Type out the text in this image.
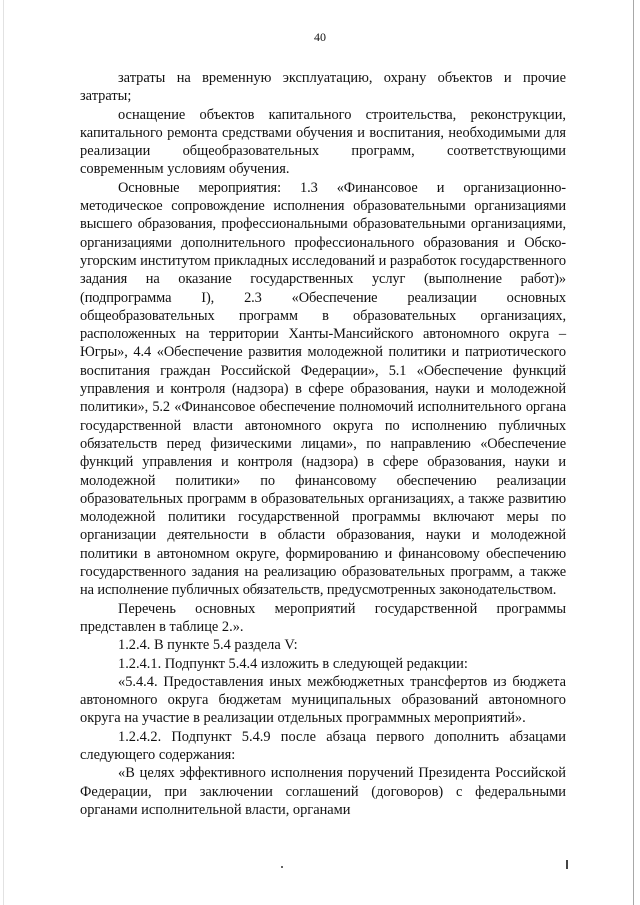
40

затраты на временную эксплуатацию, охрану объектов и прочие затраты;

оснащение объектов капитального строительства, реконструкции, капитального ремонта средствами обучения и воспитания, необходимыми для реализации общеобразовательных программ, соответствующими современным условиям обучения.

Основные мероприятия: 1.3 «Финансовое и организационно-методическое сопровождение исполнения образовательными организациями высшего образования, профессиональными образовательными организациями, организациями дополнительного профессионального образования и Обско-угорским институтом прикладных исследований и разработок государственного задания на оказание государственных услуг (выполнение работ)» (подпрограмма I), 2.3 «Обеспечение реализации основных общеобразовательных программ в образовательных организациях, расположенных на территории Ханты-Мансийского автономного округа – Югры», 4.4 «Обеспечение развития молодежной политики и патриотического воспитания граждан Российской Федерации», 5.1 «Обеспечение функций управления и контроля (надзора) в сфере образования, науки и молодежной политики», 5.2 «Финансовое обеспечение полномочий исполнительного органа государственной власти автономного округа по исполнению публичных обязательств перед физическими лицами», по направлению «Обеспечение функций управления и контроля (надзора) в сфере образования, науки и молодежной политики» по финансовому обеспечению реализации образовательных программ в образовательных организациях, а также развитию молодежной политики государственной программы включают меры по организации деятельности в области образования, науки и молодежной политики в автономном округе, формированию и финансовому обеспечению государственного задания на реализацию образовательных программ, а также на исполнение публичных обязательств, предусмотренных законодательством.

Перечень основных мероприятий государственной программы представлен в таблице 2.».

1.2.4. В пункте 5.4 раздела V:

1.2.4.1. Подпункт 5.4.4 изложить в следующей редакции:

«5.4.4. Предоставления иных межбюджетных трансфертов из бюджета автономного округа бюджетам муниципальных образований автономного округа на участие в реализации отдельных программных мероприятий».

1.2.4.2. Подпункт 5.4.9 после абзаца первого дополнить абзацами следующего содержания:

«В целях эффективного исполнения поручений Президента Российской Федерации, при заключении соглашений (договоров) с федеральными органами исполнительной власти, органами
